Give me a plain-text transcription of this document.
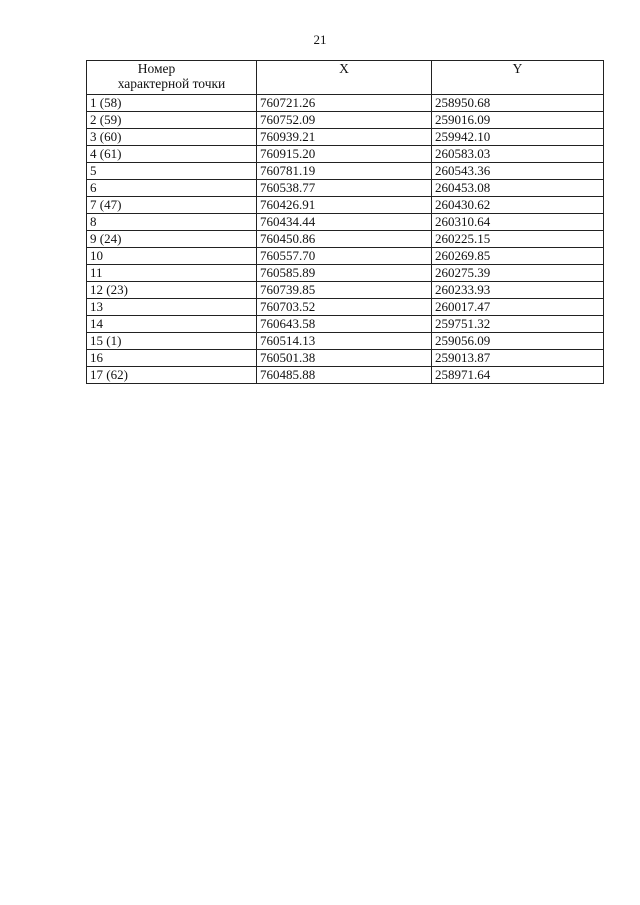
21
Номер
характерной точки	X	Y
1 (58)	760721.26	258950.68
2 (59)	760752.09	259016.09
3 (60)	760939.21	259942.10
4 (61)	760915.20	260583.03
5	760781.19	260543.36
6	760538.77	260453.08
7 (47)	760426.91	260430.62
8	760434.44	260310.64
9 (24)	760450.86	260225.15
10	760557.70	260269.85
11	760585.89	260275.39
12 (23)	760739.85	260233.93
13	760703.52	260017.47
14	760643.58	259751.32
15 (1)	760514.13	259056.09
16	760501.38	259013.87
17 (62)	760485.88	258971.64
